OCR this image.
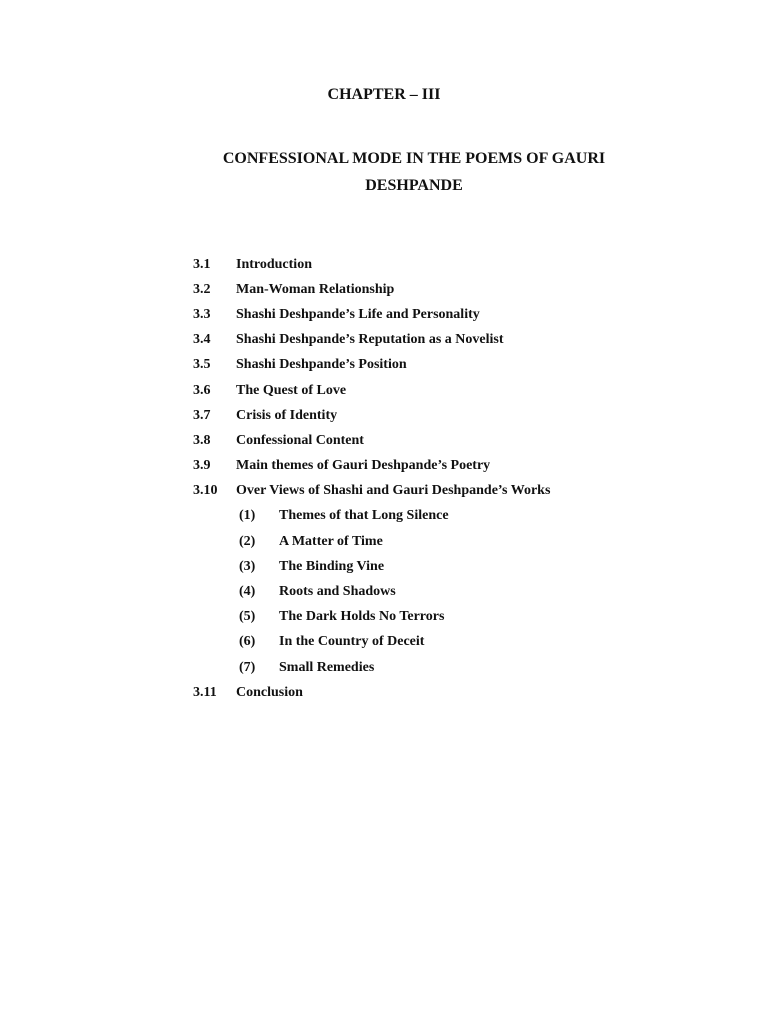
CHAPTER – III
CONFESSIONAL MODE IN THE POEMS OF GAURI
DESHPANDE
3.1	Introduction
3.2	Man-Woman Relationship
3.3	Shashi Deshpande’s Life and Personality
3.4	Shashi Deshpande’s Reputation as a Novelist
3.5	Shashi Deshpande’s Position
3.6	The Quest of Love
3.7	Crisis of Identity
3.8	Confessional Content
3.9	Main themes of Gauri Deshpande’s Poetry
3.10	Over Views of Shashi and Gauri Deshpande’s Works
(1)	Themes of that Long Silence
(2)	A Matter of Time
(3)	The Binding Vine
(4)	Roots and Shadows
(5)	The Dark Holds No Terrors
(6)	In the Country of Deceit
(7)	Small Remedies
3.11	Conclusion
